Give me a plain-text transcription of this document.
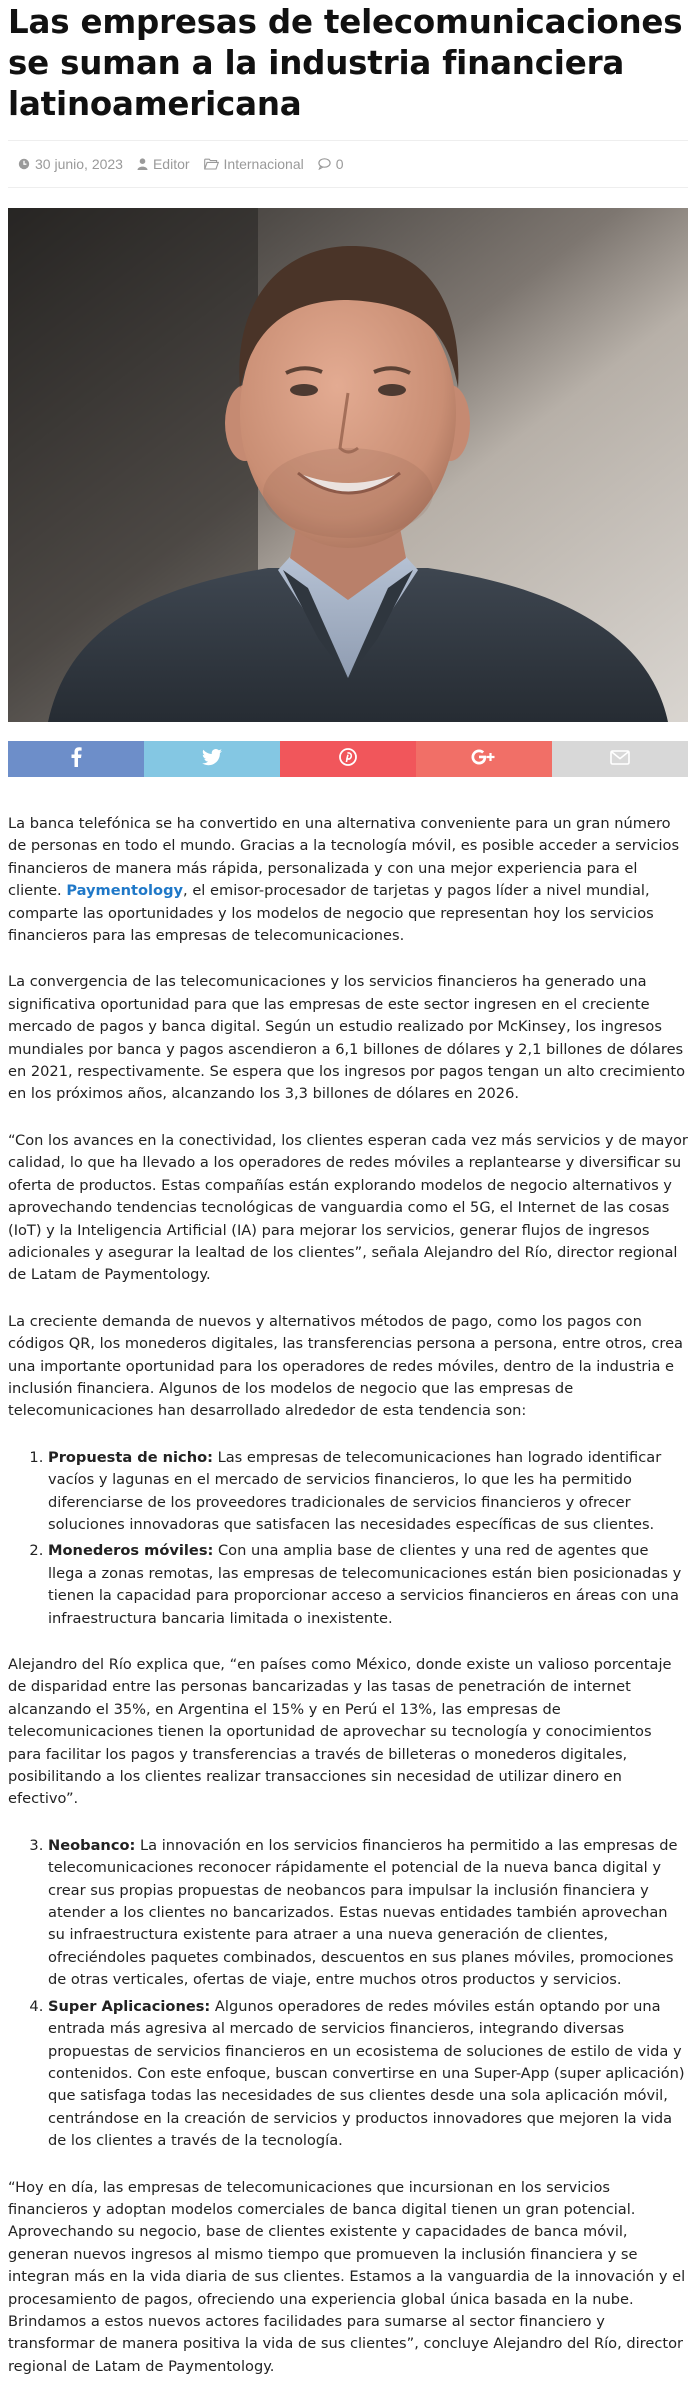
Las empresas de telecomunicaciones se suman a la industria financiera latinoamericana
30 junio, 2023 Editor Internacional 0

La banca telefónica se ha convertido en una alternativa conveniente para un gran número de personas en todo el mundo. Gracias a la tecnología móvil, es posible acceder a servicios financieros de manera más rápida, personalizada y con una mejor experiencia para el cliente. Paymentology, el emisor-procesador de tarjetas y pagos líder a nivel mundial, comparte las oportunidades y los modelos de negocio que representan hoy los servicios financieros para las empresas de telecomunicaciones.

La convergencia de las telecomunicaciones y los servicios financieros ha generado una significativa oportunidad para que las empresas de este sector ingresen en el creciente mercado de pagos y banca digital. Según un estudio realizado por McKinsey, los ingresos mundiales por banca y pagos ascendieron a 6,1 billones de dólares y 2,1 billones de dólares en 2021, respectivamente. Se espera que los ingresos por pagos tengan un alto crecimiento en los próximos años, alcanzando los 3,3 billones de dólares en 2026.

“Con los avances en la conectividad, los clientes esperan cada vez más servicios y de mayor calidad, lo que ha llevado a los operadores de redes móviles a replantearse y diversificar su oferta de productos. Estas compañías están explorando modelos de negocio alternativos y aprovechando tendencias tecnológicas de vanguardia como el 5G, el Internet de las cosas (IoT) y la Inteligencia Artificial (IA) para mejorar los servicios, generar flujos de ingresos adicionales y asegurar la lealtad de los clientes”, señala Alejandro del Río, director regional de Latam de Paymentology.

La creciente demanda de nuevos y alternativos métodos de pago, como los pagos con códigos QR, los monederos digitales, las transferencias persona a persona, entre otros, crea una importante oportunidad para los operadores de redes móviles, dentro de la industria e inclusión financiera. Algunos de los modelos de negocio que las empresas de telecomunicaciones han desarrollado alrededor de esta tendencia son:

1. Propuesta de nicho: Las empresas de telecomunicaciones han logrado identificar vacíos y lagunas en el mercado de servicios financieros, lo que les ha permitido diferenciarse de los proveedores tradicionales de servicios financieros y ofrecer soluciones innovadoras que satisfacen las necesidades específicas de sus clientes.
2. Monederos móviles: Con una amplia base de clientes y una red de agentes que llega a zonas remotas, las empresas de telecomunicaciones están bien posicionadas y tienen la capacidad para proporcionar acceso a servicios financieros en áreas con una infraestructura bancaria limitada o inexistente.

Alejandro del Río explica que, “en países como México, donde existe un valioso porcentaje de disparidad entre las personas bancarizadas y las tasas de penetración de internet alcanzando el 35%, en Argentina el 15% y en Perú el 13%, las empresas de telecomunicaciones tienen la oportunidad de aprovechar su tecnología y conocimientos para facilitar los pagos y transferencias a través de billeteras o monederos digitales, posibilitando a los clientes realizar transacciones sin necesidad de utilizar dinero en efectivo”.

3. Neobanco: La innovación en los servicios financieros ha permitido a las empresas de telecomunicaciones reconocer rápidamente el potencial de la nueva banca digital y crear sus propias propuestas de neobancos para impulsar la inclusión financiera y atender a los clientes no bancarizados. Estas nuevas entidades también aprovechan su infraestructura existente para atraer a una nueva generación de clientes, ofreciéndoles paquetes combinados, descuentos en sus planes móviles, promociones de otras verticales, ofertas de viaje, entre muchos otros productos y servicios.
4. Super Aplicaciones: Algunos operadores de redes móviles están optando por una entrada más agresiva al mercado de servicios financieros, integrando diversas propuestas de servicios financieros en un ecosistema de soluciones de estilo de vida y contenidos. Con este enfoque, buscan convertirse en una Super-App (super aplicación) que satisfaga todas las necesidades de sus clientes desde una sola aplicación móvil, centrándose en la creación de servicios y productos innovadores que mejoren la vida de los clientes a través de la tecnología.

“Hoy en día, las empresas de telecomunicaciones que incursionan en los servicios financieros y adoptan modelos comerciales de banca digital tienen un gran potencial. Aprovechando su negocio, base de clientes existente y capacidades de banca móvil, generan nuevos ingresos al mismo tiempo que promueven la inclusión financiera y se integran más en la vida diaria de sus clientes. Estamos a la vanguardia de la innovación y el procesamiento de pagos, ofreciendo una experiencia global única basada en la nube. Brindamos a estos nuevos actores facilidades para sumarse al sector financiero y transformar de manera positiva la vida de sus clientes”, concluye Alejandro del Río, director regional de Latam de Paymentology.
